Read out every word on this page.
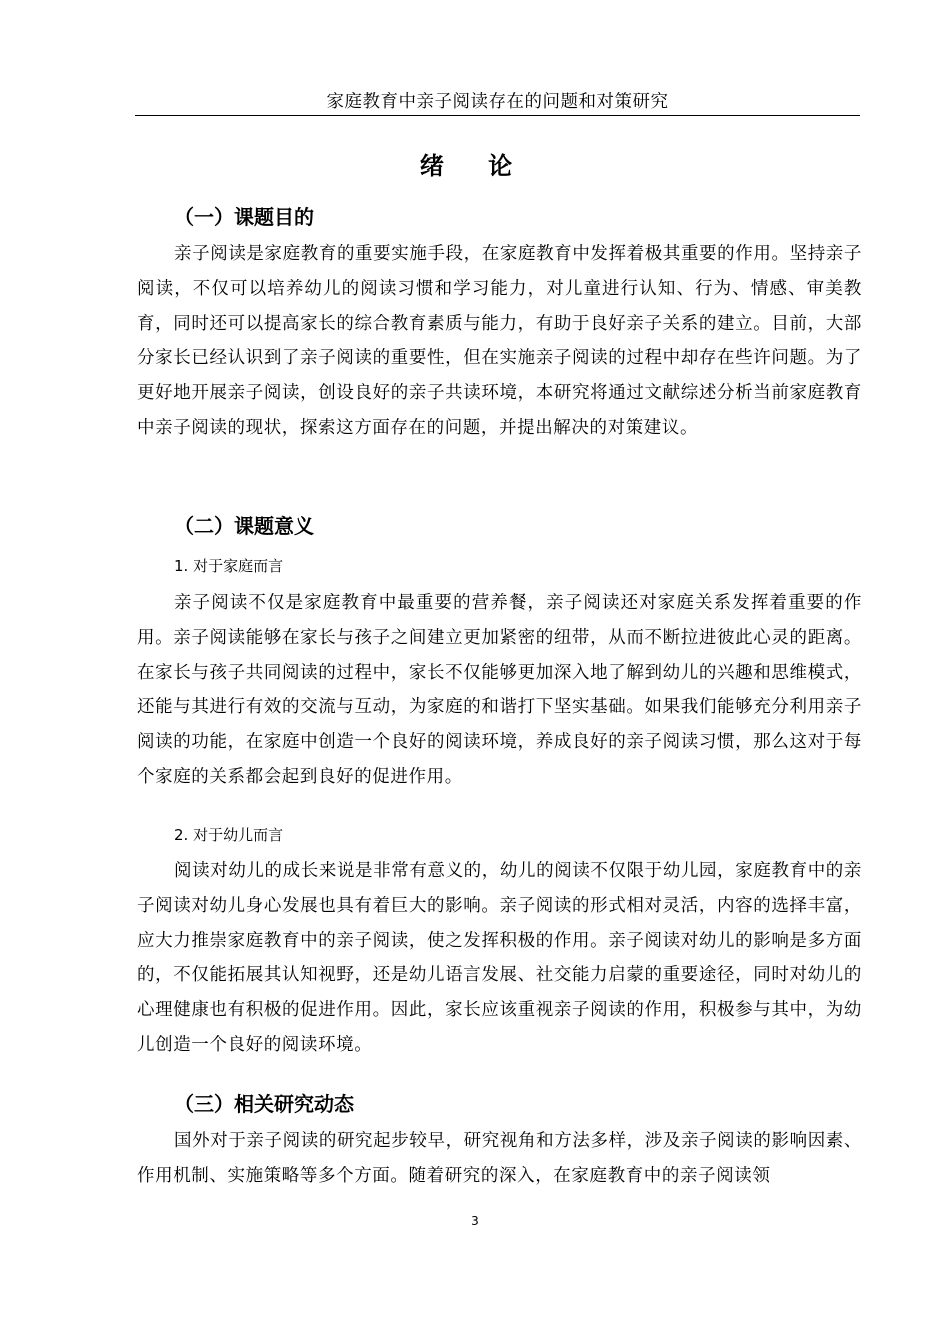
家庭教育中亲子阅读存在的问题和对策研究
绪 论
（一）课题目的

亲子阅读是家庭教育的重要实施手段，在家庭教育中发挥着极其重要的作用。坚持亲子阅读，不仅可以培养幼儿的阅读习惯和学习能力，对儿童进行认知、行为、情感、审美教育，同时还可以提高家长的综合教育素质与能力，有助于良好亲子关系的建立。目前，大部分家长已经认识到了亲子阅读的重要性，但在实施亲子阅读的过程中却存在些许问题。为了更好地开展亲子阅读，创设良好的亲子共读环境，本研究将通过文献综述分析当前家庭教育中亲子阅读的现状，探索这方面存在的问题，并提出解决的对策建议。

（二）课题意义
1. 对于家庭而言

亲子阅读不仅是家庭教育中最重要的营养餐，亲子阅读还对家庭关系发挥着重要的作用。亲子阅读能够在家长与孩子之间建立更加紧密的纽带，从而不断拉进彼此心灵的距离。在家长与孩子共同阅读的过程中，家长不仅能够更加深入地了解到幼儿的兴趣和思维模式，还能与其进行有效的交流与互动，为家庭的和谐打下坚实基础。如果我们能够充分利用亲子阅读的功能，在家庭中创造一个良好的阅读环境，养成良好的亲子阅读习惯，那么这对于每个家庭的关系都会起到良好的促进作用。

2. 对于幼儿而言

阅读对幼儿的成长来说是非常有意义的，幼儿的阅读不仅限于幼儿园，家庭教育中的亲子阅读对幼儿身心发展也具有着巨大的影响。亲子阅读的形式相对灵活，内容的选择丰富，应大力推崇家庭教育中的亲子阅读，使之发挥积极的作用。亲子阅读对幼儿的影响是多方面的，不仅能拓展其认知视野，还是幼儿语言发展、社交能力启蒙的重要途径，同时对幼儿的心理健康也有积极的促进作用。因此，家长应该重视亲子阅读的作用，积极参与其中，为幼儿创造一个良好的阅读环境。

（三）相关研究动态

国外对于亲子阅读的研究起步较早，研究视角和方法多样，涉及亲子阅读的影响因素、作用机制、实施策略等多个方面。随着研究的深入，在家庭教育中的亲子阅读领

3
